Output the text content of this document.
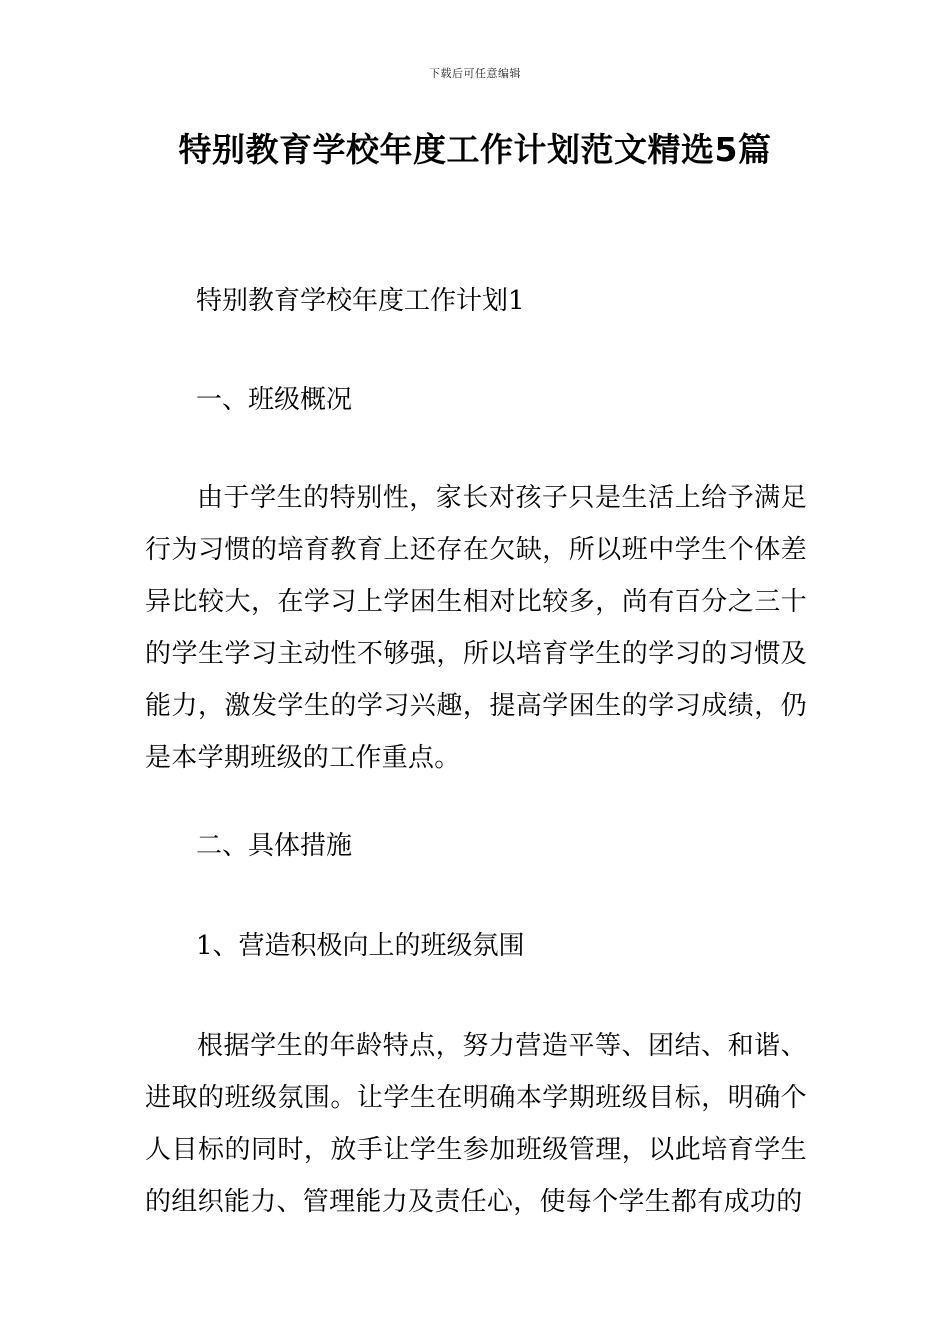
下载后可任意编辑
特别教育学校年度工作计划范文精选5篇

特别教育学校年度工作计划1

一、班级概况

由于学生的特别性，家长对孩子只是生活上给予满足行为习惯的培育教育上还存在欠缺，所以班中学生个体差异比较大，在学习上学困生相对比较多，尚有百分之三十的学生学习主动性不够强，所以培育学生的学习的习惯及能力，激发学生的学习兴趣，提高学困生的学习成绩，仍是本学期班级的工作重点。

二、具体措施

1、营造积极向上的班级氛围

根据学生的年龄特点，努力营造平等、团结、和谐、进取的班级氛围。让学生在明确本学期班级目标，明确个人目标的同时，放手让学生参加班级管理，以此培育学生的组织能力、管理能力及责任心，使每个学生都有成功的
